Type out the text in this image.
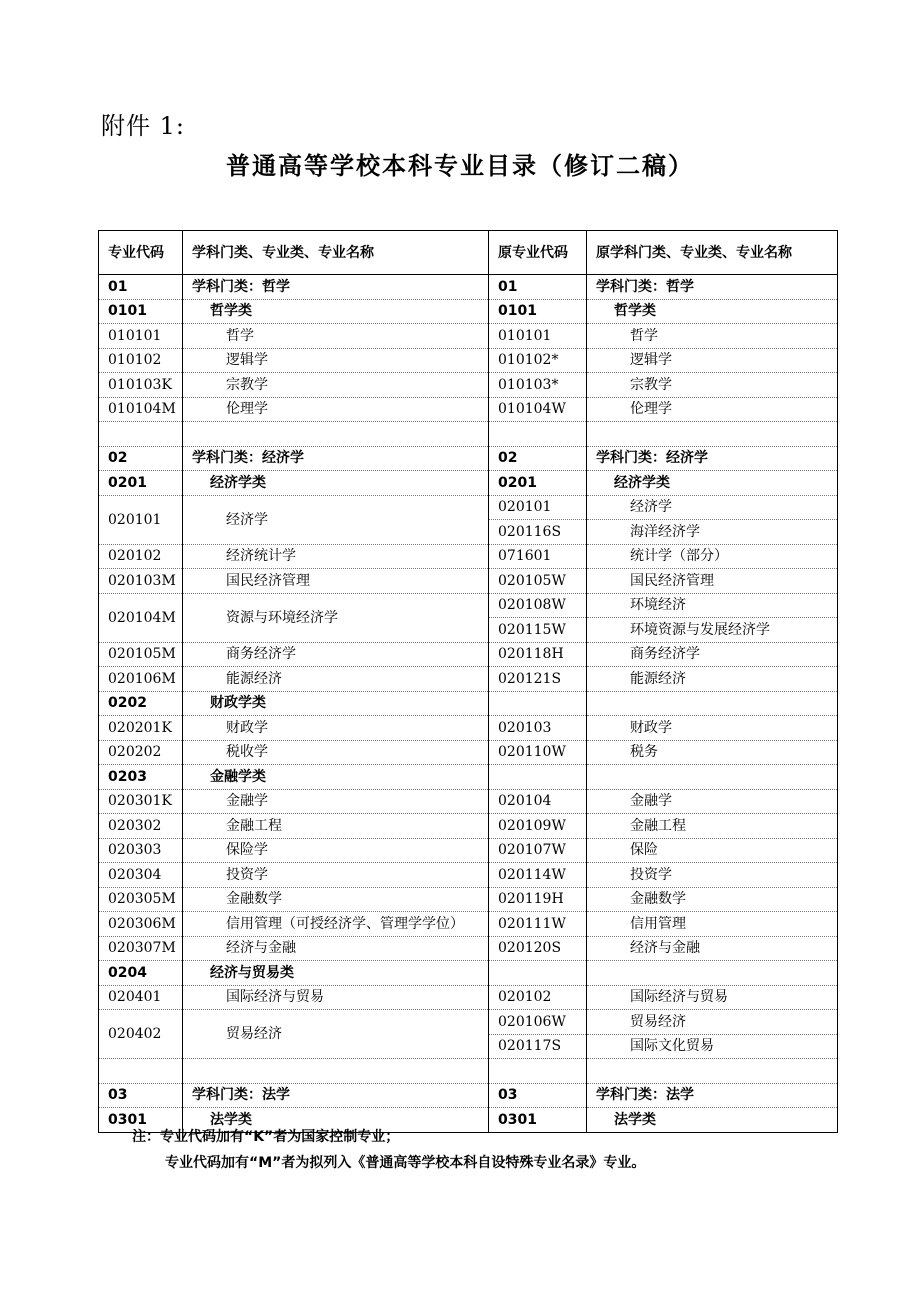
附件 1:
普通高等学校本科专业目录（修订二稿）
专业代码	学科门类、专业类、专业名称	原专业代码	原学科门类、专业类、专业名称
01	学科门类：哲学	01	学科门类：哲学
0101	哲学类	0101	哲学类
010101	哲学	010101	哲学
010102	逻辑学	010102*	逻辑学
010103K	宗教学	010103*	宗教学
010104M	伦理学	010104W	伦理学

02	学科门类：经济学	02	学科门类：经济学
0201	经济学类	0201	经济学类
020101	经济学	020101	经济学
		020116S	海洋经济学
020102	经济统计学	071601	统计学（部分）
020103M	国民经济管理	020105W	国民经济管理
020104M	资源与环境经济学	020108W	环境经济
		020115W	环境资源与发展经济学
020105M	商务经济学	020118H	商务经济学
020106M	能源经济	020121S	能源经济
0202	财政学类		
020201K	财政学	020103	财政学
020202	税收学	020110W	税务
0203	金融学类		
020301K	金融学	020104	金融学
020302	金融工程	020109W	金融工程
020303	保险学	020107W	保险
020304	投资学	020114W	投资学
020305M	金融数学	020119H	金融数学
020306M	信用管理（可授经济学、管理学学位）	020111W	信用管理
020307M	经济与金融	020120S	经济与金融
0204	经济与贸易类		
020401	国际经济与贸易	020102	国际经济与贸易
020402	贸易经济	020106W	贸易经济
		020117S	国际文化贸易

03	学科门类：法学	03	学科门类：法学
0301	法学类	0301	法学类
注：专业代码加有“K”者为国家控制专业；
专业代码加有“M”者为拟列入《普通高等学校本科自设特殊专业名录》专业。
